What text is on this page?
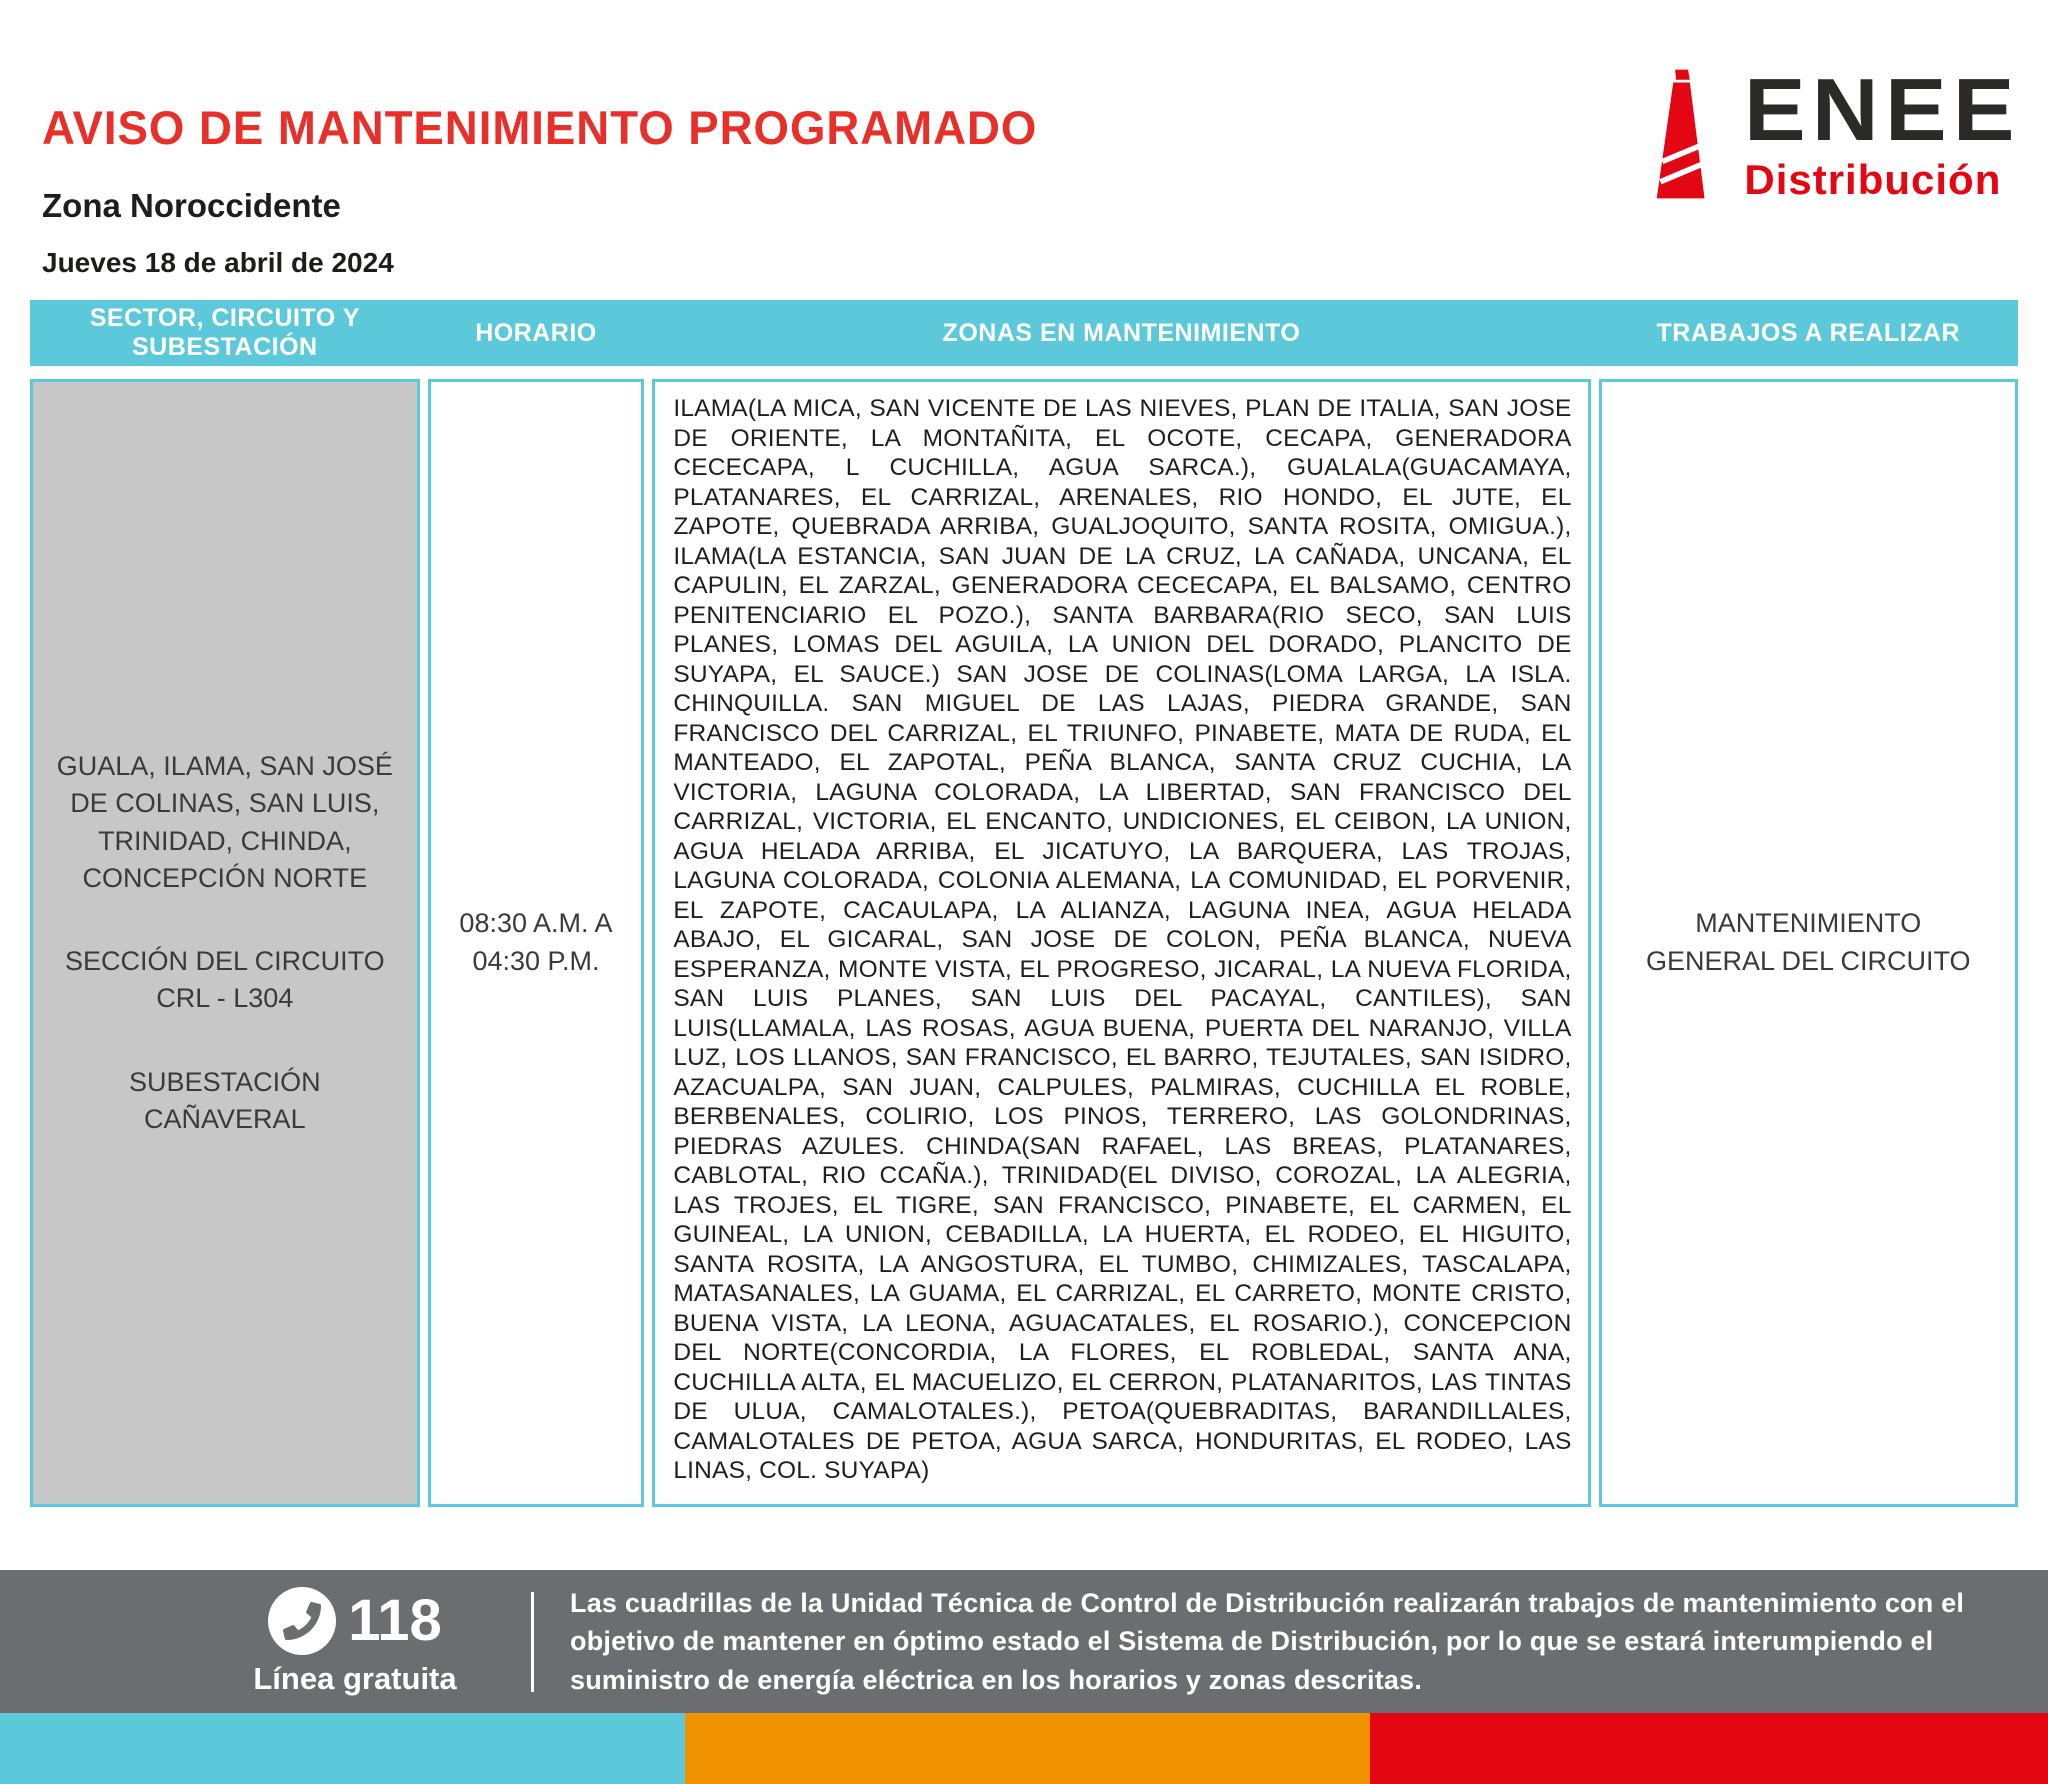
AVISO DE MANTENIMIENTO PROGRAMADO
Zona Noroccidente
Jueves 18 de abril de 2024
ENEE
Distribución
SECTOR, CIRCUITO Y SUBESTACIÓN
HORARIO	ZONAS EN MANTENIMIENTO	TRABAJOS A REALIZAR
GUALA, ILAMA, SAN JOSÉ DE COLINAS, SAN LUIS, TRINIDAD, CHINDA, CONCEPCIÓN NORTE
SECCIÓN DEL CIRCUITO CRL - L304
SUBESTACIÓN CAÑAVERAL
08:30 A.M. A 04:30 P.M.
ILAMA(LA MICA, SAN VICENTE DE LAS NIEVES, PLAN DE ITALIA, SAN JOSE DE ORIENTE, LA MONTAÑITA, EL OCOTE, CECAPA, GENERADORA CECECAPA, L CUCHILLA, AGUA SARCA.), GUALALA(GUACAMAYA, PLATANARES, EL CARRIZAL, ARENALES, RIO HONDO, EL JUTE, EL ZAPOTE, QUEBRADA ARRIBA, GUALJOQUITO, SANTA ROSITA, OMIGUA.), ILAMA(LA ESTANCIA, SAN JUAN DE LA CRUZ, LA CAÑADA, UNCANA, EL CAPULIN, EL ZARZAL, GENERADORA CECECAPA, EL BALSAMO, CENTRO PENITENCIARIO EL POZO.), SANTA BARBARA(RIO SECO, SAN LUIS PLANES, LOMAS DEL AGUILA, LA UNION DEL DORADO, PLANCITO DE SUYAPA, EL SAUCE.) SAN JOSE DE COLINAS(LOMA LARGA, LA ISLA. CHINQUILLA. SAN MIGUEL DE LAS LAJAS, PIEDRA GRANDE, SAN FRANCISCO DEL CARRIZAL, EL TRIUNFO, PINABETE, MATA DE RUDA, EL MANTEADO, EL ZAPOTAL, PEÑA BLANCA, SANTA CRUZ CUCHIA, LA VICTORIA, LAGUNA COLORADA, LA LIBERTAD, SAN FRANCISCO DEL CARRIZAL, VICTORIA, EL ENCANTO, UNDICIONES, EL CEIBON, LA UNION, AGUA HELADA ARRIBA, EL JICATUYO, LA BARQUERA, LAS TROJAS, LAGUNA COLORADA, COLONIA ALEMANA, LA COMUNIDAD, EL PORVENIR, EL ZAPOTE, CACAULAPA, LA ALIANZA, LAGUNA INEA, AGUA HELADA ABAJO, EL GICARAL, SAN JOSE DE COLON, PEÑA BLANCA, NUEVA ESPERANZA, MONTE VISTA, EL PROGRESO, JICARAL, LA NUEVA FLORIDA, SAN LUIS PLANES, SAN LUIS DEL PACAYAL, CANTILES), SAN LUIS(LLAMALA, LAS ROSAS, AGUA BUENA, PUERTA DEL NARANJO, VILLA LUZ, LOS LLANOS, SAN FRANCISCO, EL BARRO, TEJUTALES, SAN ISIDRO, AZACUALPA, SAN JUAN, CALPULES, PALMIRAS, CUCHILLA EL ROBLE, BERBENALES, COLIRIO, LOS PINOS, TERRERO, LAS GOLONDRINAS, PIEDRAS AZULES. CHINDA(SAN RAFAEL, LAS BREAS, PLATANARES, CABLOTAL, RIO CCAÑA.), TRINIDAD(EL DIVISO, COROZAL, LA ALEGRIA, LAS TROJES, EL TIGRE, SAN FRANCISCO, PINABETE, EL CARMEN, EL GUINEAL, LA UNION, CEBADILLA, LA HUERTA, EL RODEO, EL HIGUITO, SANTA ROSITA, LA ANGOSTURA, EL TUMBO, CHIMIZALES, TASCALAPA, MATASANALES, LA GUAMA, EL CARRIZAL, EL CARRETO, MONTE CRISTO, BUENA VISTA, LA LEONA, AGUACATALES, EL ROSARIO.), CONCEPCION DEL NORTE(CONCORDIA, LA FLORES, EL ROBLEDAL, SANTA ANA, CUCHILLA ALTA, EL MACUELIZO, EL CERRON, PLATANARITOS, LAS TINTAS DE ULUA, CAMALOTALES.), PETOA(QUEBRADITAS, BARANDILLALES, CAMALOTALES DE PETOA, AGUA SARCA, HONDURITAS, EL RODEO, LAS LINAS, COL. SUYAPA)
MANTENIMIENTO GENERAL DEL CIRCUITO
118
Línea gratuita
Las cuadrillas de la Unidad Técnica de Control de Distribución realizarán trabajos de mantenimiento con el objetivo de mantener en óptimo estado el Sistema de Distribución, por lo que se estará interumpiendo el suministro de energía eléctrica en los horarios y zonas descritas.
